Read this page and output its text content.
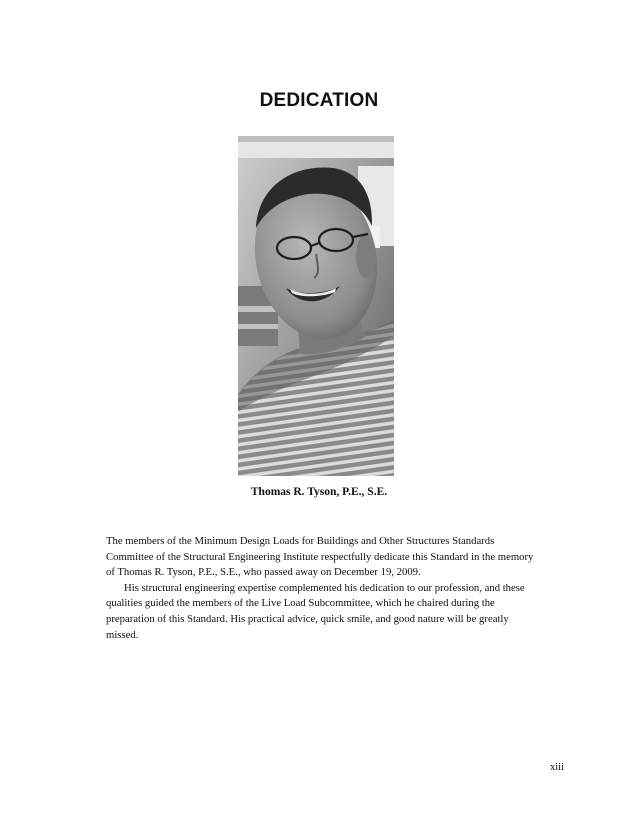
DEDICATION
Thomas R. Tyson, P.E., S.E.

The members of the Minimum Design Loads for Buildings and Other Structures Standards Committee of the Structural Engineering Institute respectfully dedicate this Standard in the memory of Thomas R. Tyson, P.E., S.E., who passed away on December 19, 2009.

His structural engineering expertise complemented his dedication to our profession, and these qualities guided the members of the Live Load Subcommittee, which he chaired during the preparation of this Standard. His practical advice, quick smile, and good nature will be greatly missed.

xiii
